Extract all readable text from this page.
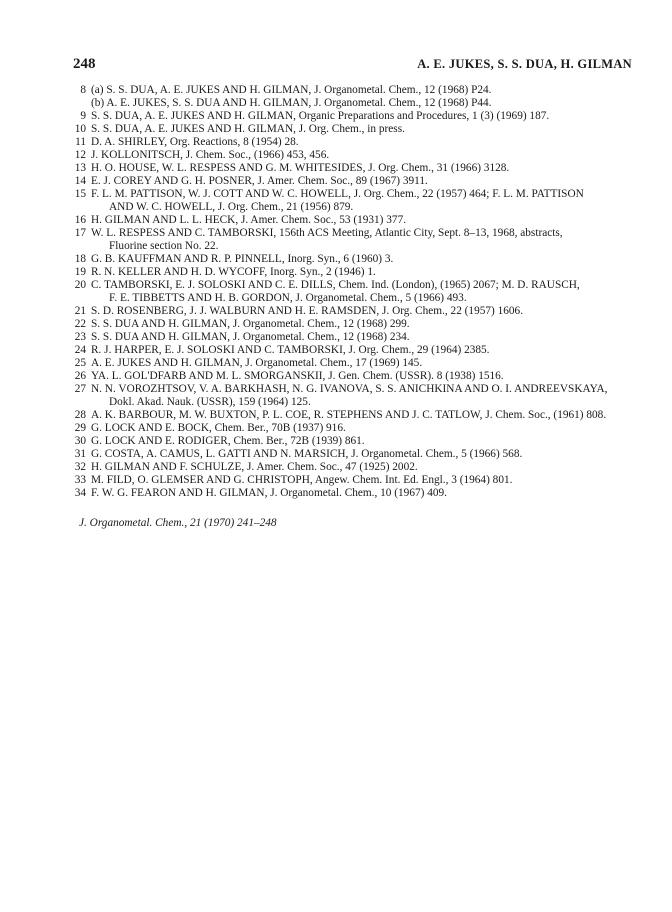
248	A. E. JUKES, S. S. DUA, H. GILMAN
8 (a) S. S. DUA, A. E. JUKES AND H. GILMAN, J. Organometal. Chem., 12 (1968) P24.
(b) A. E. JUKES, S. S. DUA AND H. GILMAN, J. Organometal. Chem., 12 (1968) P44.
9 S. S. DUA, A. E. JUKES AND H. GILMAN, Organic Preparations and Procedures, 1 (3) (1969) 187.
10 S. S. DUA, A. E. JUKES AND H. GILMAN, J. Org. Chem., in press.
11 D. A. SHIRLEY, Org. Reactions, 8 (1954) 28.
12 J. KOLLONITSCH, J. Chem. Soc., (1966) 453, 456.
13 H. O. HOUSE, W. L. RESPESS AND G. M. WHITESIDES, J. Org. Chem., 31 (1966) 3128.
14 E. J. COREY AND G. H. POSNER, J. Amer. Chem. Soc., 89 (1967) 3911.
15 F. L. M. PATTISON, W. J. COTT AND W. C. HOWELL, J. Org. Chem., 22 (1957) 464; F. L. M. PATTISON
AND W. C. HOWELL, J. Org. Chem., 21 (1956) 879.
16 H. GILMAN AND L. L. HECK, J. Amer. Chem. Soc., 53 (1931) 377.
17 W. L. RESPESS AND C. TAMBORSKI, 156th ACS Meeting, Atlantic City, Sept. 8–13, 1968, abstracts,
Fluorine section No. 22.
18 G. B. KAUFFMAN AND R. P. PINNELL, Inorg. Syn., 6 (1960) 3.
19 R. N. KELLER AND H. D. WYCOFF, Inorg. Syn., 2 (1946) 1.
20 C. TAMBORSKI, E. J. SOLOSKI AND C. E. DILLS, Chem. Ind. (London), (1965) 2067; M. D. RAUSCH,
F. E. TIBBETTS AND H. B. GORDON, J. Organometal. Chem., 5 (1966) 493.
21 S. D. ROSENBERG, J. J. WALBURN AND H. E. RAMSDEN, J. Org. Chem., 22 (1957) 1606.
22 S. S. DUA AND H. GILMAN, J. Organometal. Chem., 12 (1968) 299.
23 S. S. DUA AND H. GILMAN, J. Organometal. Chem., 12 (1968) 234.
24 R. J. HARPER, E. J. SOLOSKI AND C. TAMBORSKI, J. Org. Chem., 29 (1964) 2385.
25 A. E. JUKES AND H. GILMAN, J. Organometal. Chem., 17 (1969) 145.
26 YA. L. GOL'DFARB AND M. L. SMORGANSKII, J. Gen. Chem. (USSR). 8 (1938) 1516.
27 N. N. VOROZHTSOV, V. A. BARKHASH, N. G. IVANOVA, S. S. ANICHKINA AND O. I. ANDREEVSKAYA,
Dokl. Akad. Nauk. (USSR), 159 (1964) 125.
28 A. K. BARBOUR, M. W. BUXTON, P. L. COE, R. STEPHENS AND J. C. TATLOW, J. Chem. Soc., (1961) 808.
29 G. LOCK AND E. BOCK, Chem. Ber., 70B (1937) 916.
30 G. LOCK AND E. RODIGER, Chem. Ber., 72B (1939) 861.
31 G. COSTA, A. CAMUS, L. GATTI AND N. MARSICH, J. Organometal. Chem., 5 (1966) 568.
32 H. GILMAN AND F. SCHULZE, J. Amer. Chem. Soc., 47 (1925) 2002.
33 M. FILD, O. GLEMSER AND G. CHRISTOPH, Angew. Chem. Int. Ed. Engl., 3 (1964) 801.
34 F. W. G. FEARON AND H. GILMAN, J. Organometal. Chem., 10 (1967) 409.
J. Organometal. Chem., 21 (1970) 241–248
